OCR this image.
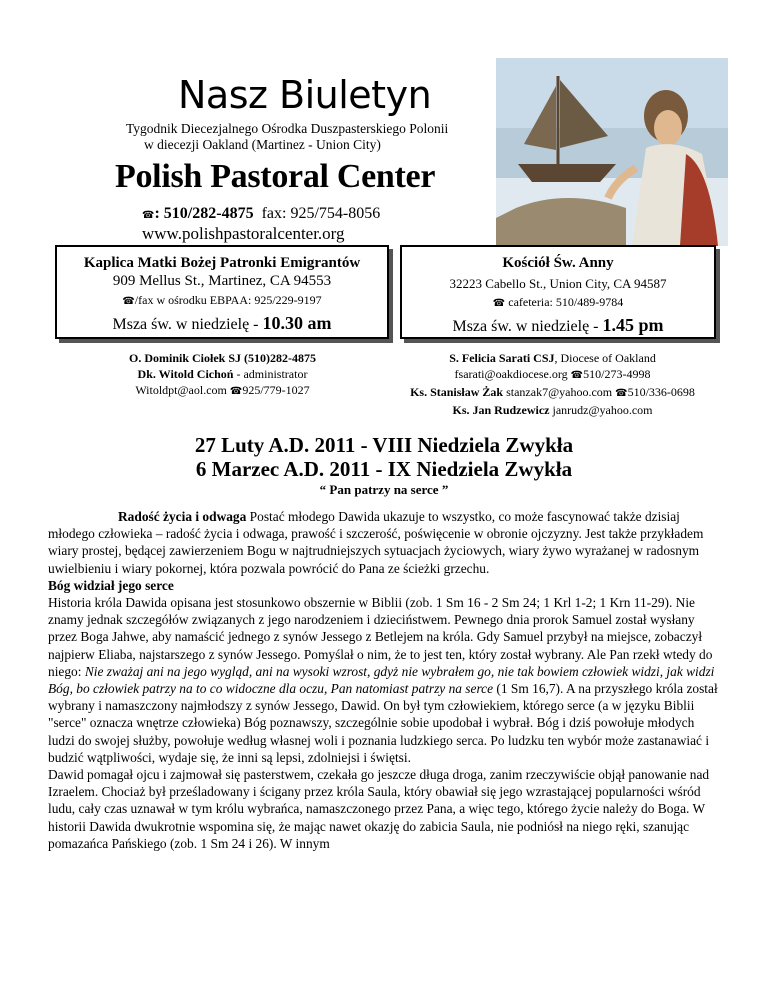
Nasz Biuletyn
Tygodnik Diecezjalnego Ośrodka Duszpasterskiego Polonii
w diecezji Oakland (Martinez - Union City)
Polish Pastoral Center
☎: 510/282-4875 fax: 925/754-8056
www.polishpastoralcenter.org
Kaplica Matki Bożej Patronki Emigrantów
909 Mellus St., Martinez, CA 94553
☎/fax w ośrodku EBPAA: 925/229-9197
Msza św. w niedzielę - 10.30 am
Kościół Św. Anny
32223 Cabello St., Union City, CA 94587
☎ cafeteria: 510/489-9784
Msza św. w niedzielę - 1.45 pm
O. Dominik Ciołek SJ (510)282-4875
Dk. Witold Cichoń - administrator
Witoldpt@aol.com ☎925/779-1027
S. Felicia Sarati CSJ, Diocese of Oakland
fsarati@oakdiocese.org ☎510/273-4998
Ks. Stanisław Żak stanzak7@yahoo.com ☎510/336-0698
Ks. Jan Rudzewicz janrudz@yahoo.com
27 Luty A.D. 2011 - VIII Niedziela Zwykła
6 Marzec A.D. 2011 - IX Niedziela Zwykła
“ Pan patrzy na serce ”

Radość życia i odwaga Postać młodego Dawida ukazuje to wszystko, co może fascynować także dzisiaj młodego człowieka – radość życia i odwaga, prawość i szczerość, poświęcenie w obronie ojczyzny. Jest także przykładem wiary prostej, będącej zawierzeniem Bogu w najtrudniejszych sytuacjach życiowych, wiary żywo wyrażanej w radosnym uwielbieniu i wiary pokornej, która pozwala powrócić do Pana ze ścieżki grzechu.

Bóg widział jego serce

Historia króla Dawida opisana jest stosunkowo obszernie w Biblii (zob. 1 Sm 16 - 2 Sm 24; 1 Krl 1-2; 1 Krn 11-29). Nie znamy jednak szczegółów związanych z jego narodzeniem i dzieciństwem. Pewnego dnia prorok Samuel został wysłany przez Boga Jahwe, aby namaścić jednego z synów Jessego z Betlejem na króla. Gdy Samuel przybył na miejsce, zobaczył najpierw Eliaba, najstarszego z synów Jessego. Pomyślał o nim, że to jest ten, który został wybrany. Ale Pan rzekł wtedy do niego: Nie zważaj ani na jego wygląd, ani na wysoki wzrost, gdyż nie wybrałem go, nie tak bowiem człowiek widzi, jak widzi Bóg, bo człowiek patrzy na to co widoczne dla oczu, Pan natomiast patrzy na serce (1 Sm 16,7). A na przyszłego króla został wybrany i namaszczony najmłodszy z synów Jessego, Dawid. On był tym człowiekiem, którego serce (a w języku Biblii "serce" oznacza wnętrze człowieka) Bóg poznawszy, szczególnie sobie upodobał i wybrał. Bóg i dziś powołuje młodych ludzi do swojej służby, powołuje według własnej woli i poznania ludzkiego serca. Po ludzku ten wybór może zastanawiać i budzić wątpliwości, wydaje się, że inni są lepsi, zdolniejsi i świętsi.

Dawid pomagał ojcu i zajmował się pasterstwem, czekała go jeszcze długa droga, zanim rzeczywiście objął panowanie nad Izraelem. Chociaż był prześladowany i ścigany przez króla Saula, który obawiał się jego wzrastającej popularności wśród ludu, cały czas uznawał w tym królu wybrańca, namaszczonego przez Pana, a więc tego, którego życie należy do Boga. W historii Dawida dwukrotnie wspomina się, że mając nawet okazję do zabicia Saula, nie podniósł na niego ręki, szanując pomazańca Pańskiego (zob. 1 Sm 24 i 26). W innym
